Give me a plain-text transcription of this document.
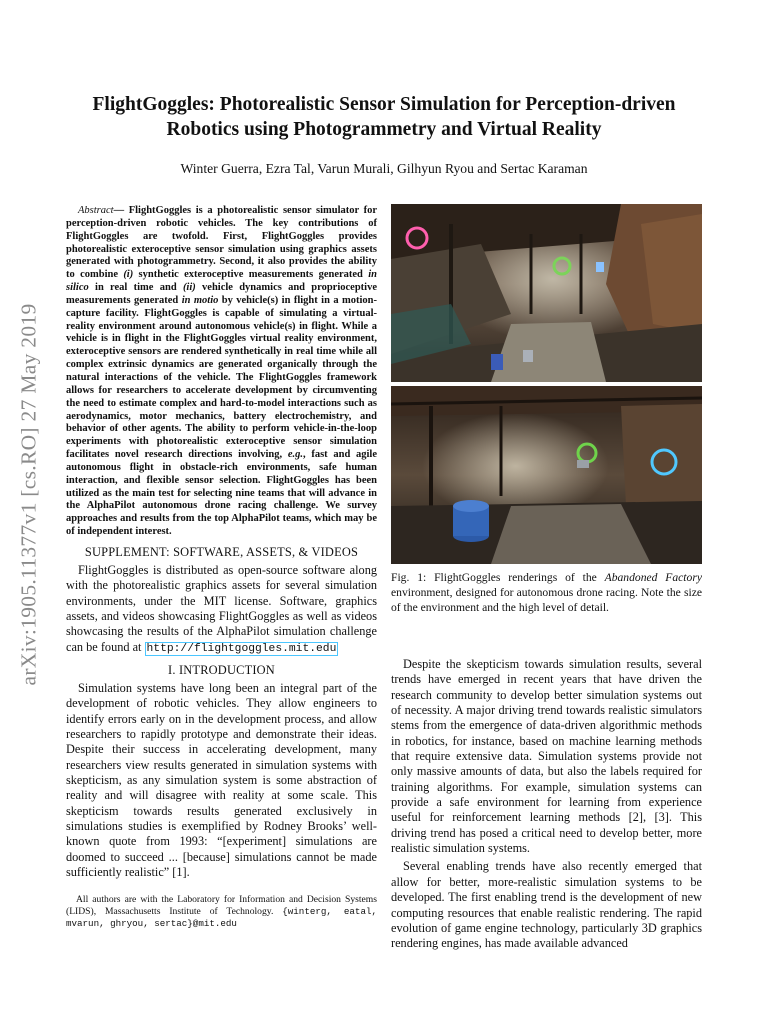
arXiv:1905.11377v1 [cs.RO] 27 May 2019
FlightGoggles: Photorealistic Sensor Simulation for Perception-driven Robotics using Photogrammetry and Virtual Reality
Winter Guerra, Ezra Tal, Varun Murali, Gilhyun Ryou and Sertac Karaman

Abstract— FlightGoggles is a photorealistic sensor simulator for perception-driven robotic vehicles. The key contributions of FlightGoggles are twofold. First, FlightGoggles provides photorealistic exteroceptive sensor simulation using graphics assets generated with photogrammetry. Second, it also provides the ability to combine (i) synthetic exteroceptive measurements generated in silico in real time and (ii) vehicle dynamics and proprioceptive measurements generated in motio by vehicle(s) in flight in a motion-capture facility. FlightGoggles is capable of simulating a virtual-reality environment around autonomous vehicle(s) in flight. While a vehicle is in flight in the FlightGoggles virtual reality environment, exteroceptive sensors are rendered synthetically in real time while all complex extrinsic dynamics are generated organically through the natural interactions of the vehicle. The FlightGoggles framework allows for researchers to accelerate development by circumventing the need to estimate complex and hard-to-model interactions such as aerodynamics, motor mechanics, battery electrochemistry, and behavior of other agents. The ability to perform vehicle-in-the-loop experiments with photorealistic exteroceptive sensor simulation facilitates novel research directions involving, e.g., fast and agile autonomous flight in obstacle-rich environments, safe human interaction, and flexible sensor selection. FlightGoggles has been utilized as the main test for selecting nine teams that will advance in the AlphaPilot autonomous drone racing challenge. We survey approaches and results from the top AlphaPilot teams, which may be of independent interest.

SUPPLEMENT: SOFTWARE, ASSETS, & VIDEOS

FlightGoggles is distributed as open-source software along with the photorealistic graphics assets for several simulation environments, under the MIT license. Software, graphics assets, and videos showcasing FlightGoggles as well as videos showcasing the results of the AlphaPilot simulation challenge can be found at http://flightgoggles.mit.edu

I. INTRODUCTION

Simulation systems have long been an integral part of the development of robotic vehicles. They allow engineers to identify errors early on in the development process, and allow researchers to rapidly prototype and demonstrate their ideas. Despite their success in accelerating development, many researchers view results generated in simulation systems with skepticism, as any simulation system is some abstraction of reality and will disagree with reality at some scale. This skepticism towards results generated exclusively in simulations studies is exemplified by Rodney Brooks’ well-known quote from 1993: “[experiment] simulations are doomed to succeed ... [because] simulations cannot be made sufficiently realistic” [1].

All authors are with the Laboratory for Information and Decision Systems (LIDS), Massachusetts Institute of Technology. {winterg, eatal, mvarun, ghryou, sertac}@mit.edu

Fig. 1: FlightGoggles renderings of the Abandoned Factory environment, designed for autonomous drone racing. Note the size of the environment and the high level of detail.

Despite the skepticism towards simulation results, several trends have emerged in recent years that have driven the research community to develop better simulation systems out of necessity. A major driving trend towards realistic simulators stems from the emergence of data-driven algorithmic methods in robotics, for instance, based on machine learning methods that require extensive data. Simulation systems provide not only massive amounts of data, but also the labels required for training algorithms. For example, simulation systems can provide a safe environment for learning from experience useful for reinforcement learning methods [2], [3]. This driving trend has posed a critical need to develop better, more realistic simulation systems.

Several enabling trends have also recently emerged that allow for better, more-realistic simulation systems to be developed. The first enabling trend is the development of new computing resources that enable realistic rendering. The rapid evolution of game engine technology, particularly 3D graphics rendering engines, has made available advanced
